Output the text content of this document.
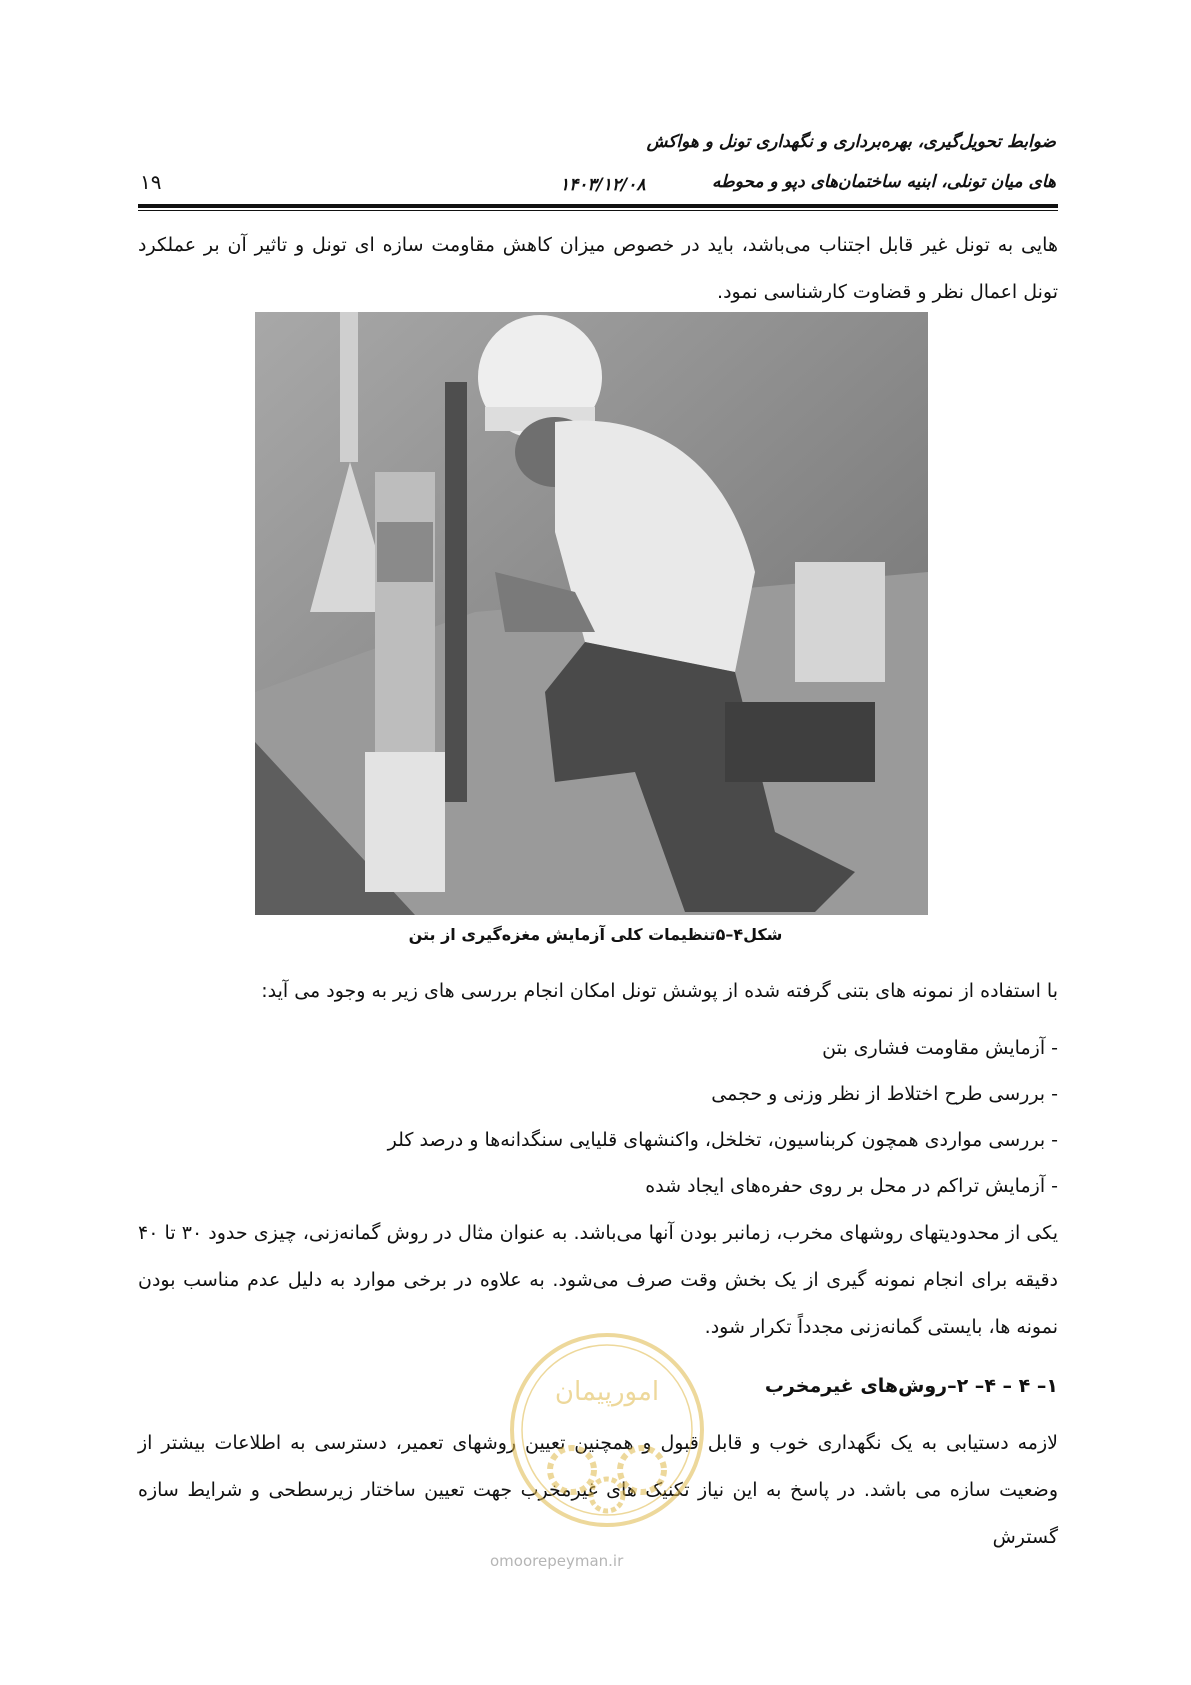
ضوابط تحویل‌گیری، بهره‌برداری و نگهداری تونل و هواکش
های میان تونلی، ابنیه ساختمان‌های دپو و محوطه
۱۴۰۳/۱۲/۰۸
۱۹

هایی به تونل غیر قابل اجتناب می‌باشد، باید در خصوص میزان کاهش مقاومت سازه ای تونل و تاثیر آن بر عملکرد تونل اعمال نظر و قضاوت کارشناسی نمود.

شکل۴–۵تنظیمات کلی آزمایش مغزه‌گیری از بتن
با استفاده از نمونه های بتنی گرفته شده از پوشش تونل امکان انجام بررسی های زیر به وجود می آید:
- آزمایش مقاومت فشاری بتن
- بررسی طرح اختلاط از نظر وزنی و حجمی
- بررسی مواردی همچون کربناسیون، تخلخل، واکنشهای قلیایی سنگدانه‌ها و درصد کلر
- آزمایش تراکم در محل بر روی حفره‌های ایجاد شده

یکی از محدودیتهای روشهای مخرب، زمانبر بودن آنها می‌باشد. به عنوان مثال در روش گمانه‌زنی، چیزی حدود ۳۰ تا ۴۰ دقیقه برای انجام نمونه گیری از یک بخش وقت صرف می‌شود. به علاوه در برخی موارد به دلیل عدم مناسب بودن نمونه ها، بایستی گمانه‌زنی مجدداً تکرار شود.

۱– ۴ – ۴– ۲–روش‌های غیرمخرب

لازمه دستیابی به یک نگهداری خوب و قابل قبول و همچنین تعیین روشهای تعمیر، دسترسی به اطلاعات بیشتر از وضعیت سازه می باشد. در پاسخ به این نیاز تکنیک های غیرمخرب جهت تعیین ساختار زیرسطحی و شرایط سازه گسترش

امورپیمان
omoorepeyman.ir
